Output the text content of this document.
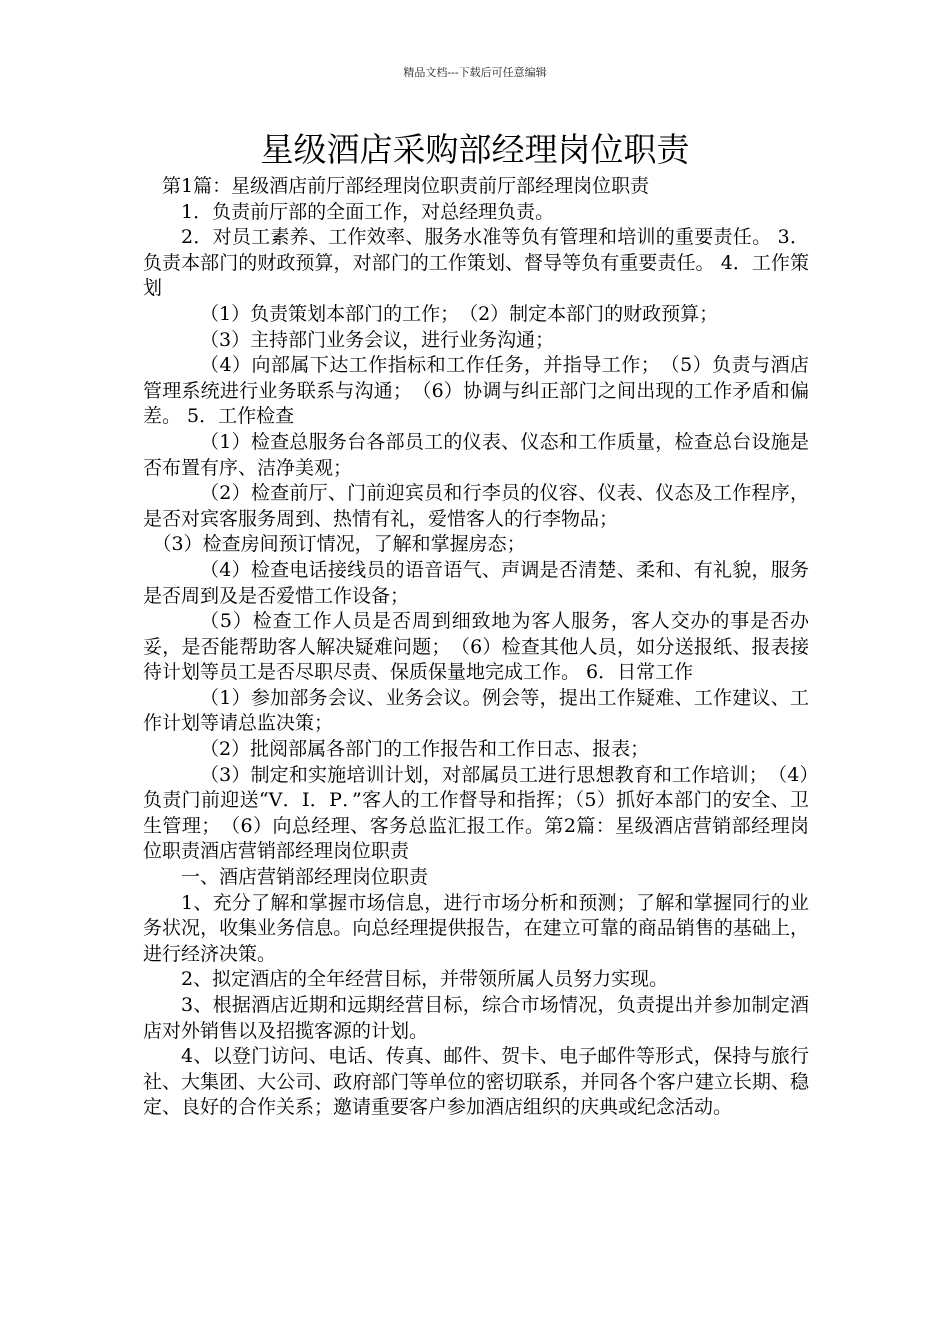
精品文档---下载后可任意编辑
星级酒店采购部经理岗位职责

第1篇：星级酒店前厅部经理岗位职责前厅部经理岗位职责

1．负责前厅部的全面工作，对总经理负责。

2．对员工素养、工作效率、服务水准等负有管理和培训的重要责任。 3．负责本部门的财政预算，对部门的工作策划、督导等负有重要责任。 4．工作策划

（1）负责策划本部门的工作；　（2）制定本部门的财政预算；

（3）主持部门业务会议，进行业务沟通；

（4）向部属下达工作指标和工作任务，并指导工作；　（5）负责与酒店管理系统进行业务联系与沟通；　（6）协调与纠正部门之间出现的工作矛盾和偏差。 5．工作检查

（1）检查总服务台各部员工的仪表、仪态和工作质量，检查总台设施是否布置有序、洁净美观；

（2）检查前厅、门前迎宾员和行李员的仪容、仪表、仪态及工作程序，是否对宾客服务周到、热情有礼，爱惜客人的行李物品；

（3）检查房间预订情况，了解和掌握房态；

（4）检查电话接线员的语音语气、声调是否清楚、柔和、有礼貌，服务是否周到及是否爱惜工作设备；

（5）检查工作人员是否周到细致地为客人服务，客人交办的事是否办妥，是否能帮助客人解决疑难问题；　（6）检查其他人员，如分送报纸、报表接待计划等员工是否尽职尽责、保质保量地完成工作。 6．日常工作

（1）参加部务会议、业务会议。例会等，提出工作疑难、工作建议、工作计划等请总监决策；

（2）批阅部属各部门的工作报告和工作日志、报表；

（3）制定和实施培训计划，对部属员工进行思想教育和工作培训；　（4）负责门前迎送“V．I．P．”客人的工作督导和指挥；（5）抓好本部门的安全、卫生管理；　（6）向总经理、客务总监汇报工作。第2篇：星级酒店营销部经理岗位职责酒店营销部经理岗位职责

一、酒店营销部经理岗位职责

1、充分了解和掌握市场信息，进行市场分析和预测；了解和掌握同行的业务状况，收集业务信息。向总经理提供报告，在建立可靠的商品销售的基础上，进行经济决策。

2、拟定酒店的全年经营目标，并带领所属人员努力实现。

3、根据酒店近期和远期经营目标，综合市场情况，负责提出并参加制定酒店对外销售以及招揽客源的计划。

4、以登门访问、电话、传真、邮件、贺卡、电子邮件等形式，保持与旅行社、大集团、大公司、政府部门等单位的密切联系，并同各个客户建立长期、稳定、良好的合作关系；邀请重要客户参加酒店组织的庆典或纪念活动。
